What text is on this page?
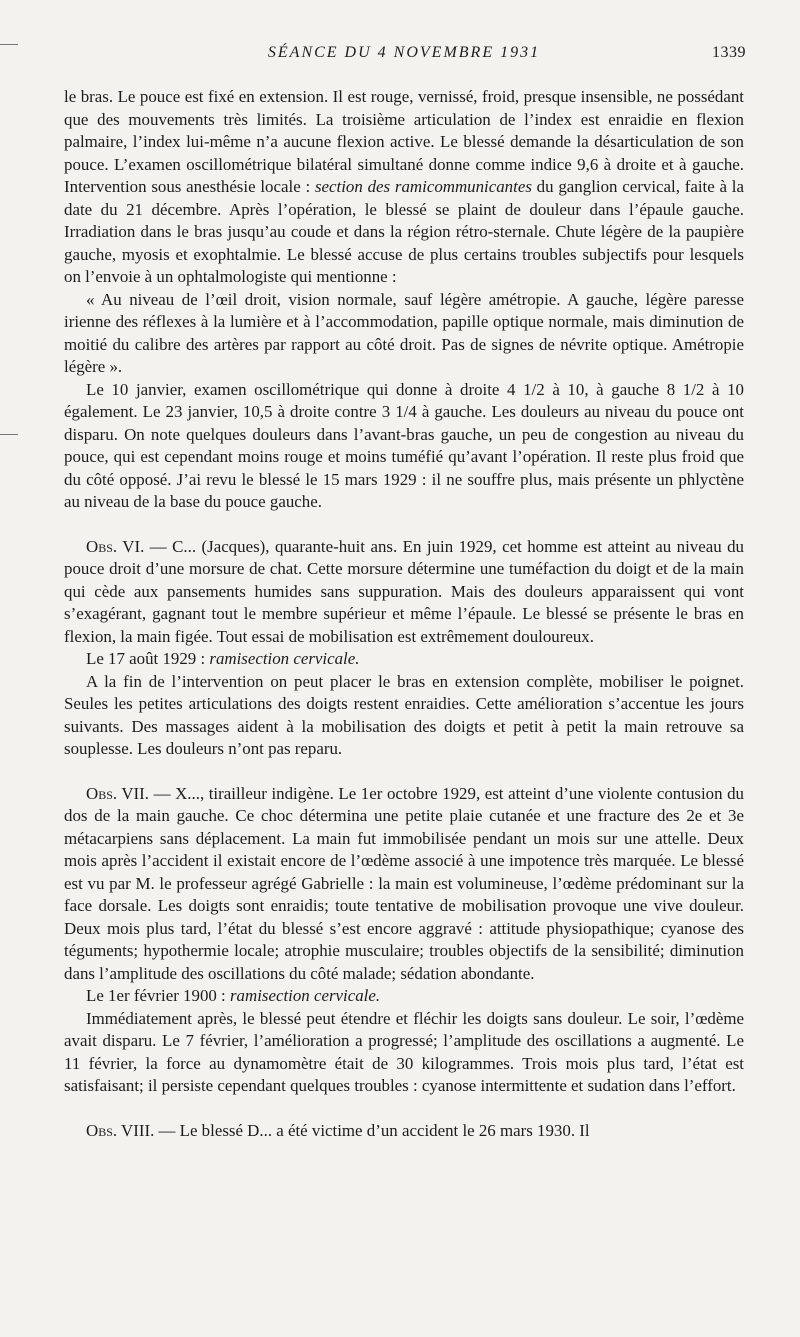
SÉANCE DU 4 NOVEMBRE 1931	1339

le bras. Le pouce est fixé en extension. Il est rouge, vernissé, froid, presque insensible, ne possédant que des mouvements très limités. La troisième articulation de l’index est enraidie en flexion palmaire, l’index lui-même n’a aucune flexion active. Le blessé demande la désarticulation de son pouce. L’examen oscillométrique bilatéral simultané donne comme indice 9,6 à droite et à gauche. Intervention sous anesthésie locale : section des ramicommunicantes du ganglion cervical, faite à la date du 21 décembre. Après l’opération, le blessé se plaint de douleur dans l’épaule gauche. Irradiation dans le bras jusqu’au coude et dans la région rétro-sternale. Chute légère de la paupière gauche, myosis et exophtalmie. Le blessé accuse de plus certains troubles subjectifs pour lesquels on l’envoie à un ophtalmologiste qui mentionne :

« Au niveau de l’œil droit, vision normale, sauf légère amétropie. A gauche, légère paresse irienne des réflexes à la lumière et à l’accommodation, papille optique normale, mais diminution de moitié du calibre des artères par rapport au côté droit. Pas de signes de névrite optique. Amétropie légère ».

Le 10 janvier, examen oscillométrique qui donne à droite 4 1/2 à 10, à gauche 8 1/2 à 10 également. Le 23 janvier, 10,5 à droite contre 3 1/4 à gauche. Les douleurs au niveau du pouce ont disparu. On note quelques douleurs dans l’avant-bras gauche, un peu de congestion au niveau du pouce, qui est cependant moins rouge et moins tuméfié qu’avant l’opération. Il reste plus froid que du côté opposé. J’ai revu le blessé le 15 mars 1929 : il ne souffre plus, mais présente un phlyctène au niveau de la base du pouce gauche.

Obs. VI. — C... (Jacques), quarante-huit ans. En juin 1929, cet homme est atteint au niveau du pouce droit d’une morsure de chat. Cette morsure détermine une tuméfaction du doigt et de la main qui cède aux pansements humides sans suppuration. Mais des douleurs apparaissent qui vont s’exagérant, gagnant tout le membre supérieur et même l’épaule. Le blessé se présente le bras en flexion, la main figée. Tout essai de mobilisation est extrêmement douloureux.

Le 17 août 1929 : ramisection cervicale.

A la fin de l’intervention on peut placer le bras en extension complète, mobiliser le poignet. Seules les petites articulations des doigts restent enraidies. Cette amélioration s’accentue les jours suivants. Des massages aident à la mobilisation des doigts et petit à petit la main retrouve sa souplesse. Les douleurs n’ont pas reparu.

Obs. VII. — X..., tirailleur indigène. Le 1er octobre 1929, est atteint d’une violente contusion du dos de la main gauche. Ce choc détermina une petite plaie cutanée et une fracture des 2e et 3e métacarpiens sans déplacement. La main fut immobilisée pendant un mois sur une attelle. Deux mois après l’accident il existait encore de l’œdème associé à une impotence très marquée. Le blessé est vu par M. le professeur agrégé Gabrielle : la main est volumineuse, l’œdème prédominant sur la face dorsale. Les doigts sont enraidis; toute tentative de mobilisation provoque une vive douleur. Deux mois plus tard, l’état du blessé s’est encore aggravé : attitude physiopathique; cyanose des téguments; hypothermie locale; atrophie musculaire; troubles objectifs de la sensibilité; diminution dans l’amplitude des oscillations du côté malade; sédation abondante.

Le 1er février 1900 : ramisection cervicale.

Immédiatement après, le blessé peut étendre et fléchir les doigts sans douleur. Le soir, l’œdème avait disparu. Le 7 février, l’amélioration a progressé; l’amplitude des oscillations a augmenté. Le 11 février, la force au dynamomètre était de 30 kilogrammes. Trois mois plus tard, l’état est satisfaisant; il persiste cependant quelques troubles : cyanose intermittente et sudation dans l’effort.

Obs. VIII. — Le blessé D... a été victime d’un accident le 26 mars 1930. Il
